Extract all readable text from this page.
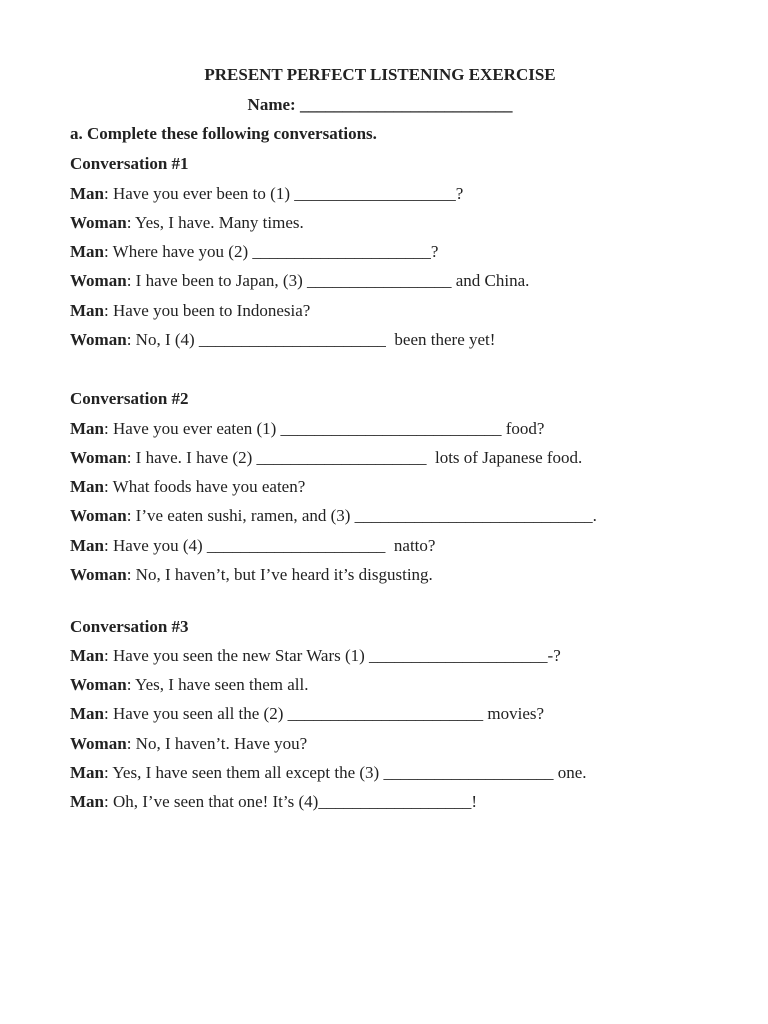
PRESENT PERFECT LISTENING EXERCISE
Name: _________________________
a. Complete these following conversations.
Conversation #1
Man: Have you ever been to (1) ___________________?
Woman: Yes, I have. Many times.
Man: Where have you (2) _____________________?
Woman: I have been to Japan, (3) _________________ and China.
Man: Have you been to Indonesia?
Woman: No, I (4) ______________________  been there yet!
Conversation #2
Man: Have you ever eaten (1) __________________________ food?
Woman: I have. I have (2) ____________________  lots of Japanese food.
Man: What foods have you eaten?
Woman: I’ve eaten sushi, ramen, and (3) ____________________________.
Man: Have you (4) _____________________  natto?
Woman: No, I haven’t, but I’ve heard it’s disgusting.
Conversation #3
Man: Have you seen the new Star Wars (1) _____________________-?
Woman: Yes, I have seen them all.
Man: Have you seen all the (2) _______________________ movies?
Woman: No, I haven’t. Have you?
Man: Yes, I have seen them all except the (3) ____________________ one.
Man: Oh, I’ve seen that one! It’s (4)__________________!
